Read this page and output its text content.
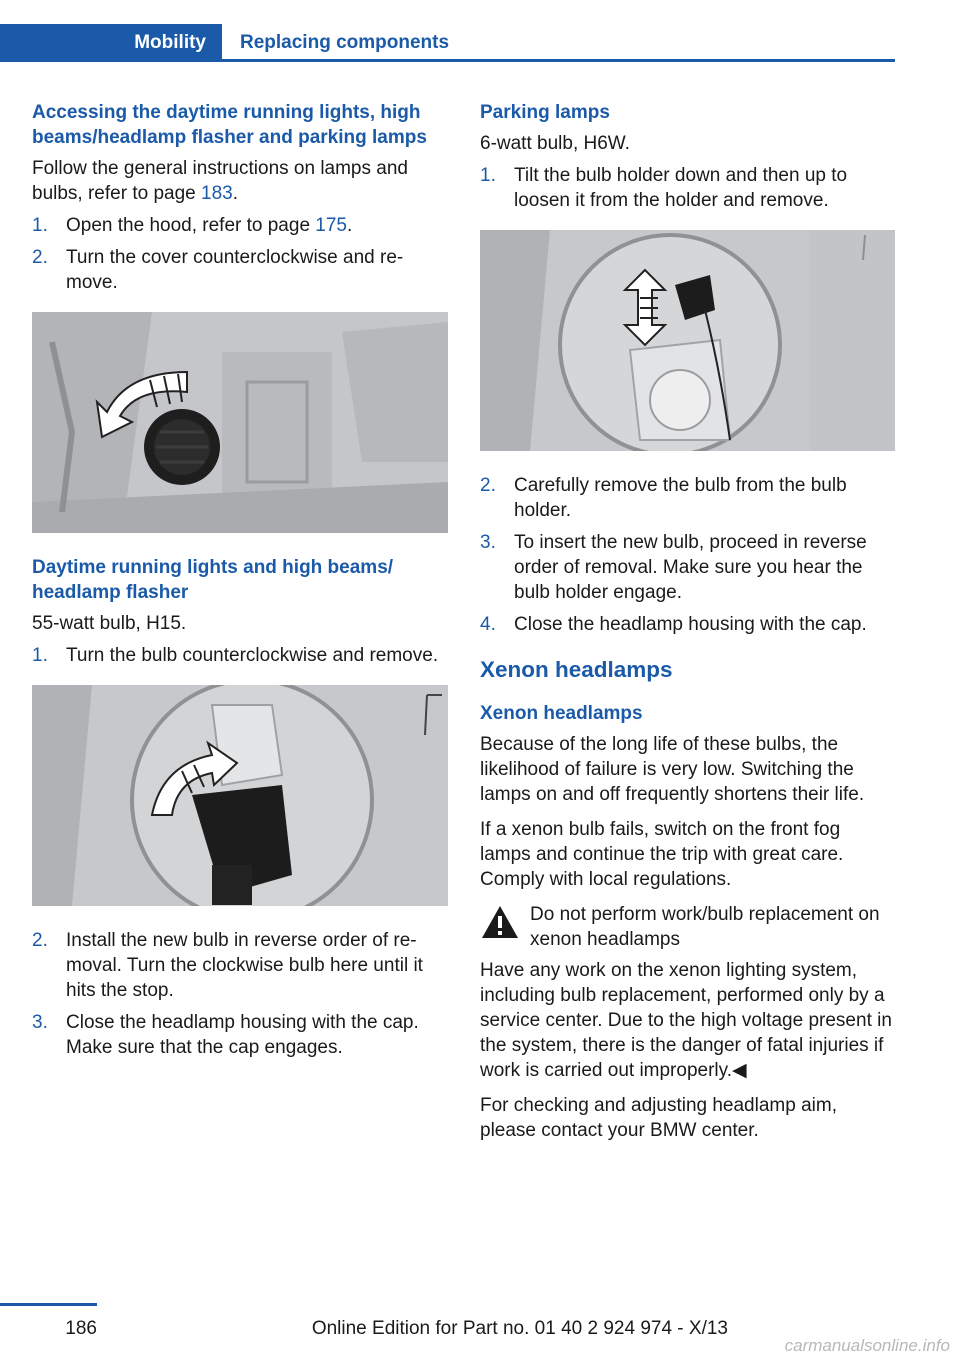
Mobility Replacing components
Accessing the daytime running lights, high beams/headlamp flasher and parking lamps

Follow the general instructions on lamps and bulbs, refer to page 183.

1. Open the hood, refer to page 175.
2. Turn the cover counterclockwise and remove.
Daytime running lights and high beams/ headlamp flasher

55-watt bulb, H15.

1. Turn the bulb counterclockwise and remove.
2. Install the new bulb in reverse order of removal. Turn the clockwise bulb here until it hits the stop.
3. Close the headlamp housing with the cap. Make sure that the cap engages.
Parking lamps

6-watt bulb, H6W.

1. Tilt the bulb holder down and then up to loosen it from the holder and remove.
2. Carefully remove the bulb from the bulb holder.
3. To insert the new bulb, proceed in reverse order of removal. Make sure you hear the bulb holder engage.
4. Close the headlamp housing with the cap.
Xenon headlamps
Xenon headlamps

Because of the long life of these bulbs, the likelihood of failure is very low. Switching the lamps on and off frequently shortens their life.

If a xenon bulb fails, switch on the front fog lamps and continue the trip with great care. Comply with local regulations.

Do not perform work/bulb replacement on xenon headlamps

Have any work on the xenon lighting system, including bulb replacement, performed only by a service center. Due to the high voltage present in the system, there is the danger of fatal injuries if work is carried out improperly.◀

For checking and adjusting headlamp aim, please contact your BMW center.

186	Online Edition for Part no. 01 40 2 924 974 - X/13
carmanualsonline.info
